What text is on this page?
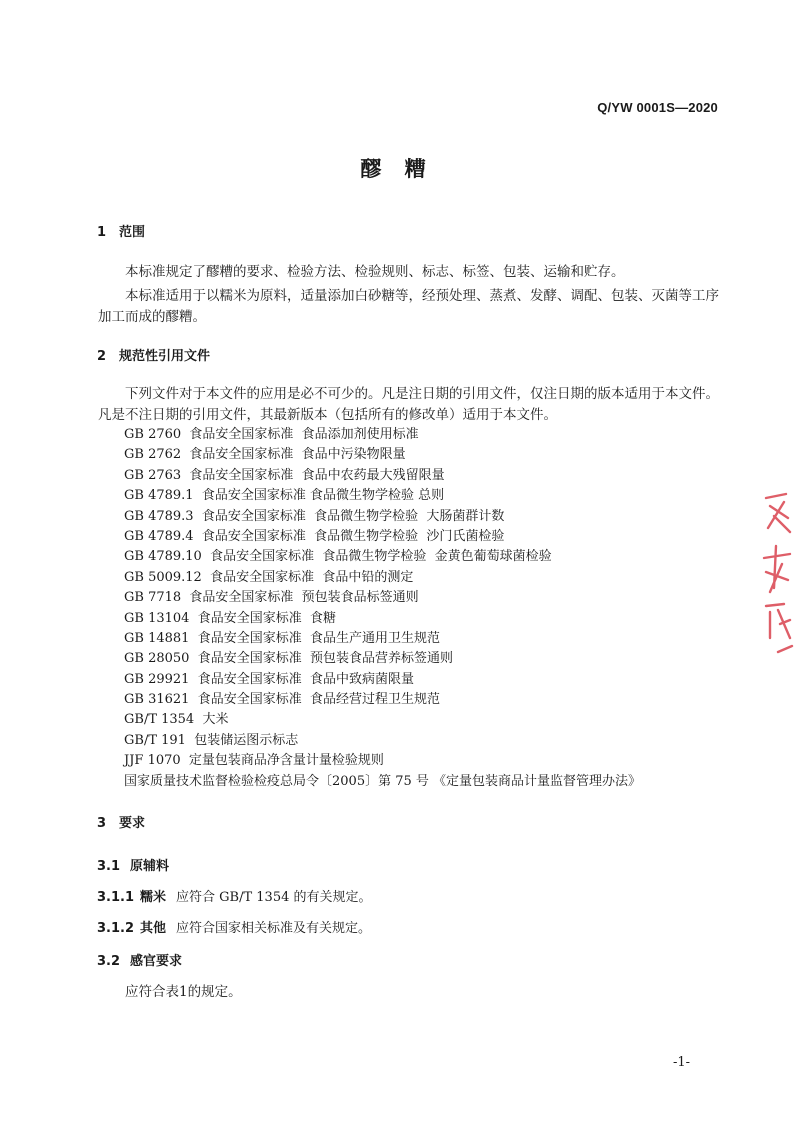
Q/YW 0001S—2020
醪 糟
1 范围
本标准规定了醪糟的要求、检验方法、检验规则、标志、标签、包装、运输和贮存。
本标准适用于以糯米为原料，适量添加白砂糖等，经预处理、蒸煮、发酵、调配、包装、灭菌等工序加工而成的醪糟。
2 规范性引用文件
下列文件对于本文件的应用是必不可少的。凡是注日期的引用文件，仅注日期的版本适用于本文件。凡是不注日期的引用文件，其最新版本（包括所有的修改单）适用于本文件。
GB 2760  食品安全国家标准  食品添加剂使用标准
GB 2762  食品安全国家标准  食品中污染物限量
GB 2763  食品安全国家标准  食品中农药最大残留限量
GB 4789.1  食品安全国家标准 食品微生物学检验 总则
GB 4789.3  食品安全国家标准  食品微生物学检验  大肠菌群计数
GB 4789.4  食品安全国家标准  食品微生物学检验  沙门氏菌检验
GB 4789.10  食品安全国家标准  食品微生物学检验  金黄色葡萄球菌检验
GB 5009.12  食品安全国家标准  食品中铅的测定
GB 7718  食品安全国家标准  预包装食品标签通则
GB 13104  食品安全国家标准  食糖
GB 14881  食品安全国家标准  食品生产通用卫生规范
GB 28050  食品安全国家标准  预包装食品营养标签通则
GB 29921  食品安全国家标准  食品中致病菌限量
GB 31621  食品安全国家标准  食品经营过程卫生规范
GB/T 1354  大米
GB/T 191  包装储运图示标志
JJF 1070  定量包装商品净含量计量检验规则
国家质量技术监督检验检疫总局令〔2005〕第 75 号 《定量包装商品计量监督管理办法》
3 要求
3.1 原辅料
3.1.1 糯米 应符合 GB/T 1354 的有关规定。
3.1.2 其他 应符合国家相关标准及有关规定。
3.2 感官要求
应符合表1的规定。
-1-
